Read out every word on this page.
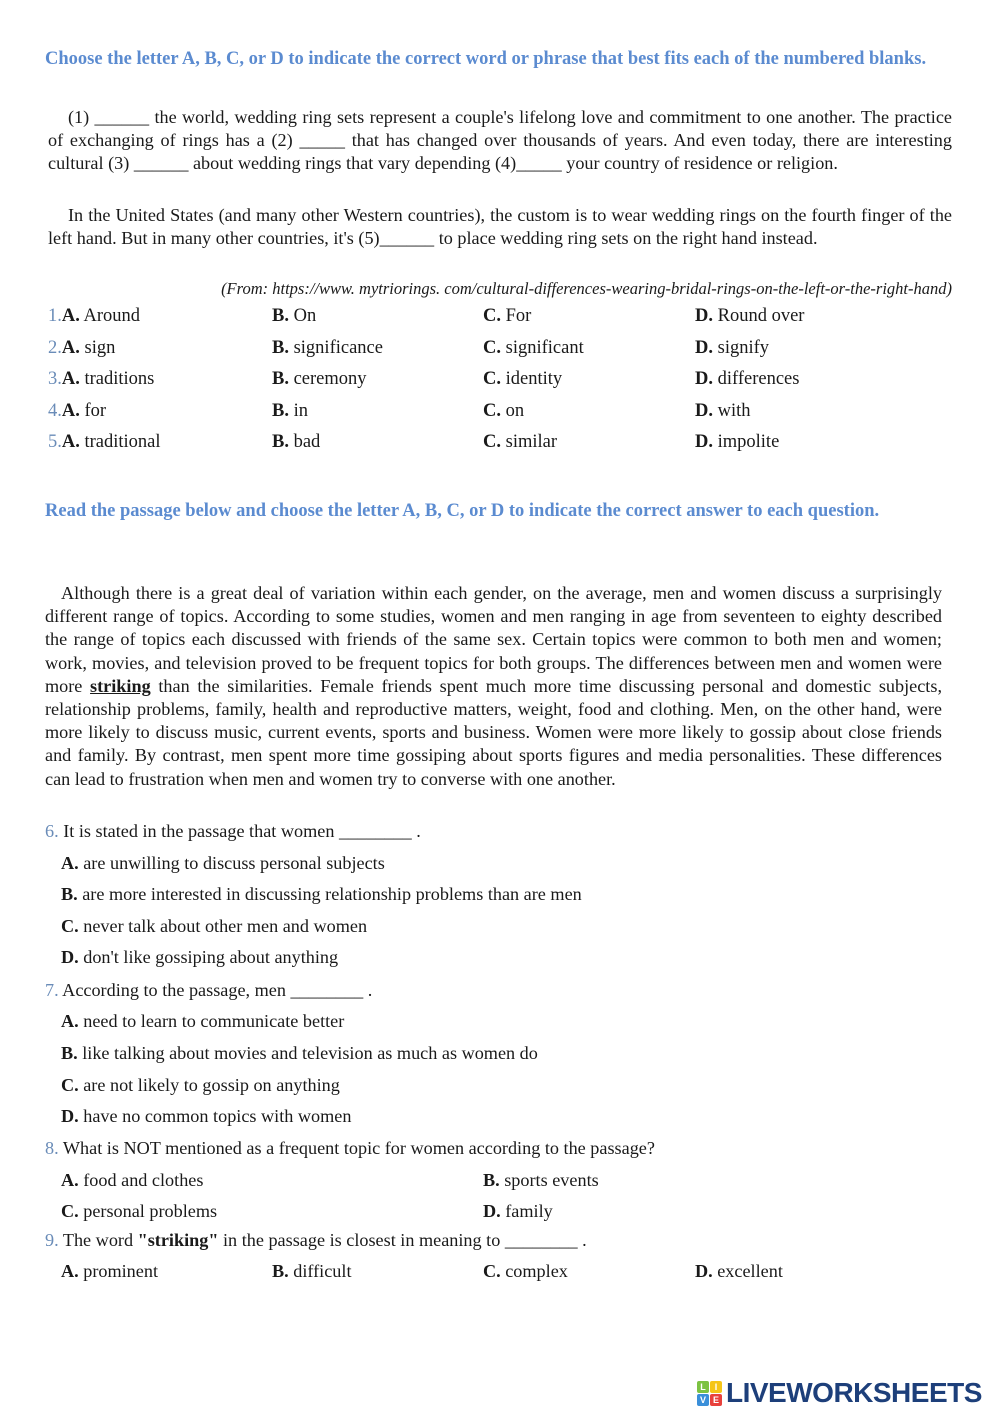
Choose the letter A, B, C, or D to indicate the correct word or phrase that best fits each of the numbered blanks.
(1) ______ the world, wedding ring sets represent a couple's lifelong love and commitment to one another. The practice of exchanging of rings has a (2) _____ that has changed over thousands of years. And even today, there are interesting cultural (3) ______ about wedding rings that vary depending (4)_____ your country of residence or religion.
In the United States (and many other Western countries), the custom is to wear wedding rings on the fourth finger of the left hand. But in many other countries, it's (5)______ to place wedding ring sets on the right hand instead.
(From: https://www. mytriorings. com/cultural-differences-wearing-bridal-rings-on-the-left-or-the-right-hand)
1.A. Around	B. On	C. For	D. Round over
2.A. sign	B. significance	C. significant	D. signify
3.A. traditions	B. ceremony	C. identity	D. differences
4.A. for	B. in	C. on	D. with
5.A. traditional	B. bad	C. similar	D. impolite
Read the passage below and choose the letter A, B, C, or D to indicate the correct answer to each question.
Although there is a great deal of variation within each gender, on the average, men and women discuss a surprisingly different range of topics. According to some studies, women and men ranging in age from seventeen to eighty described the range of topics each discussed with friends of the same sex. Certain topics were common to both men and women; work, movies, and television proved to be frequent topics for both groups. The differences between men and women were more striking than the similarities. Female friends spent much more time discussing personal and domestic subjects, relationship problems, family, health and reproductive matters, weight, food and clothing. Men, on the other hand, were more likely to discuss music, current events, sports and business. Women were more likely to gossip about close friends and family. By contrast, men spent more time gossiping about sports figures and media personalities. These differences can lead to frustration when men and women try to converse with one another.
6. It is stated in the passage that women ________ .
A. are unwilling to discuss personal subjects
B. are more interested in discussing relationship problems than are men
C. never talk about other men and women
D. don't like gossiping about anything
7. According to the passage, men ________ .
A. need to learn to communicate better
B. like talking about movies and television as much as women do
C. are not likely to gossip on anything
D. have no common topics with women
8. What is NOT mentioned as a frequent topic for women according to the passage?
A. food and clothes	B. sports events
C. personal problems	D. family
9. The word "striking" in the passage is closest in meaning to ________ .
A. prominent	B. difficult	C. complex	D. excellent
L I
V E LIVEWORKSHEETS
